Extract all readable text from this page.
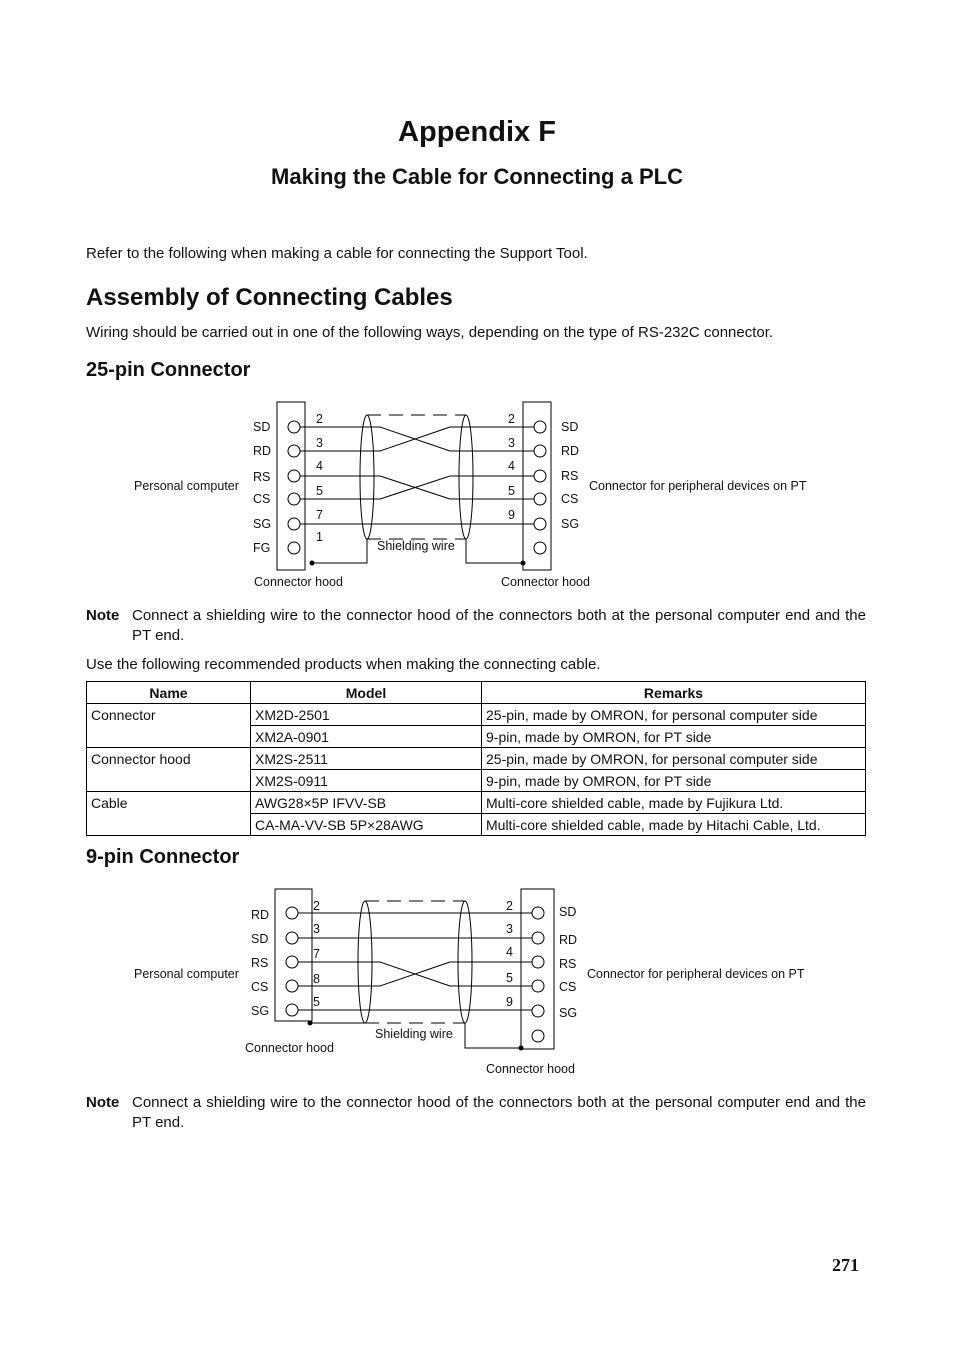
Appendix F
Making the Cable for Connecting a PLC
Refer to the following when making a cable for connecting the Support Tool.
Assembly of Connecting Cables
Wiring should be carried out in one of the following ways, depending on the type of RS-232C connector.
25-pin Connector
SD
RD
RS
CS
SG
FG
2
3
4
5
7
1
2
3
4
5
9
SD
RD
RS
CS
SG
Personal computer	Connector for peripheral devices on PT
Shielding wire
Connector hood	Connector hood
Note Connect a shielding wire to the connector hood of the connectors both at the personal computer end and the PT end.
Use the following recommended products when making the connecting cable.
Name	Model	Remarks
Connector	XM2D-2501	25-pin, made by OMRON, for personal computer side
	XM2A-0901	9-pin, made by OMRON, for PT side
Connector hood	XM2S-2511	25-pin, made by OMRON, for personal computer side
	XM2S-0911	9-pin, made by OMRON, for PT side
Cable	AWG28×5P IFVV-SB	Multi-core shielded cable, made by Fujikura Ltd.
	CA-MA-VV-SB 5P×28AWG	Multi-core shielded cable, made by Hitachi Cable, Ltd.
9-pin Connector
RD
SD
RS
CS
SG
2
3
7
8
5
2
3
4
5
9
SD
RD
RS
CS
SG
Personal computer	Connector for peripheral devices on PT
Shielding wire
Connector hood
Connector hood
Note Connect a shielding wire to the connector hood of the connectors both at the personal computer end and the PT end.
271
